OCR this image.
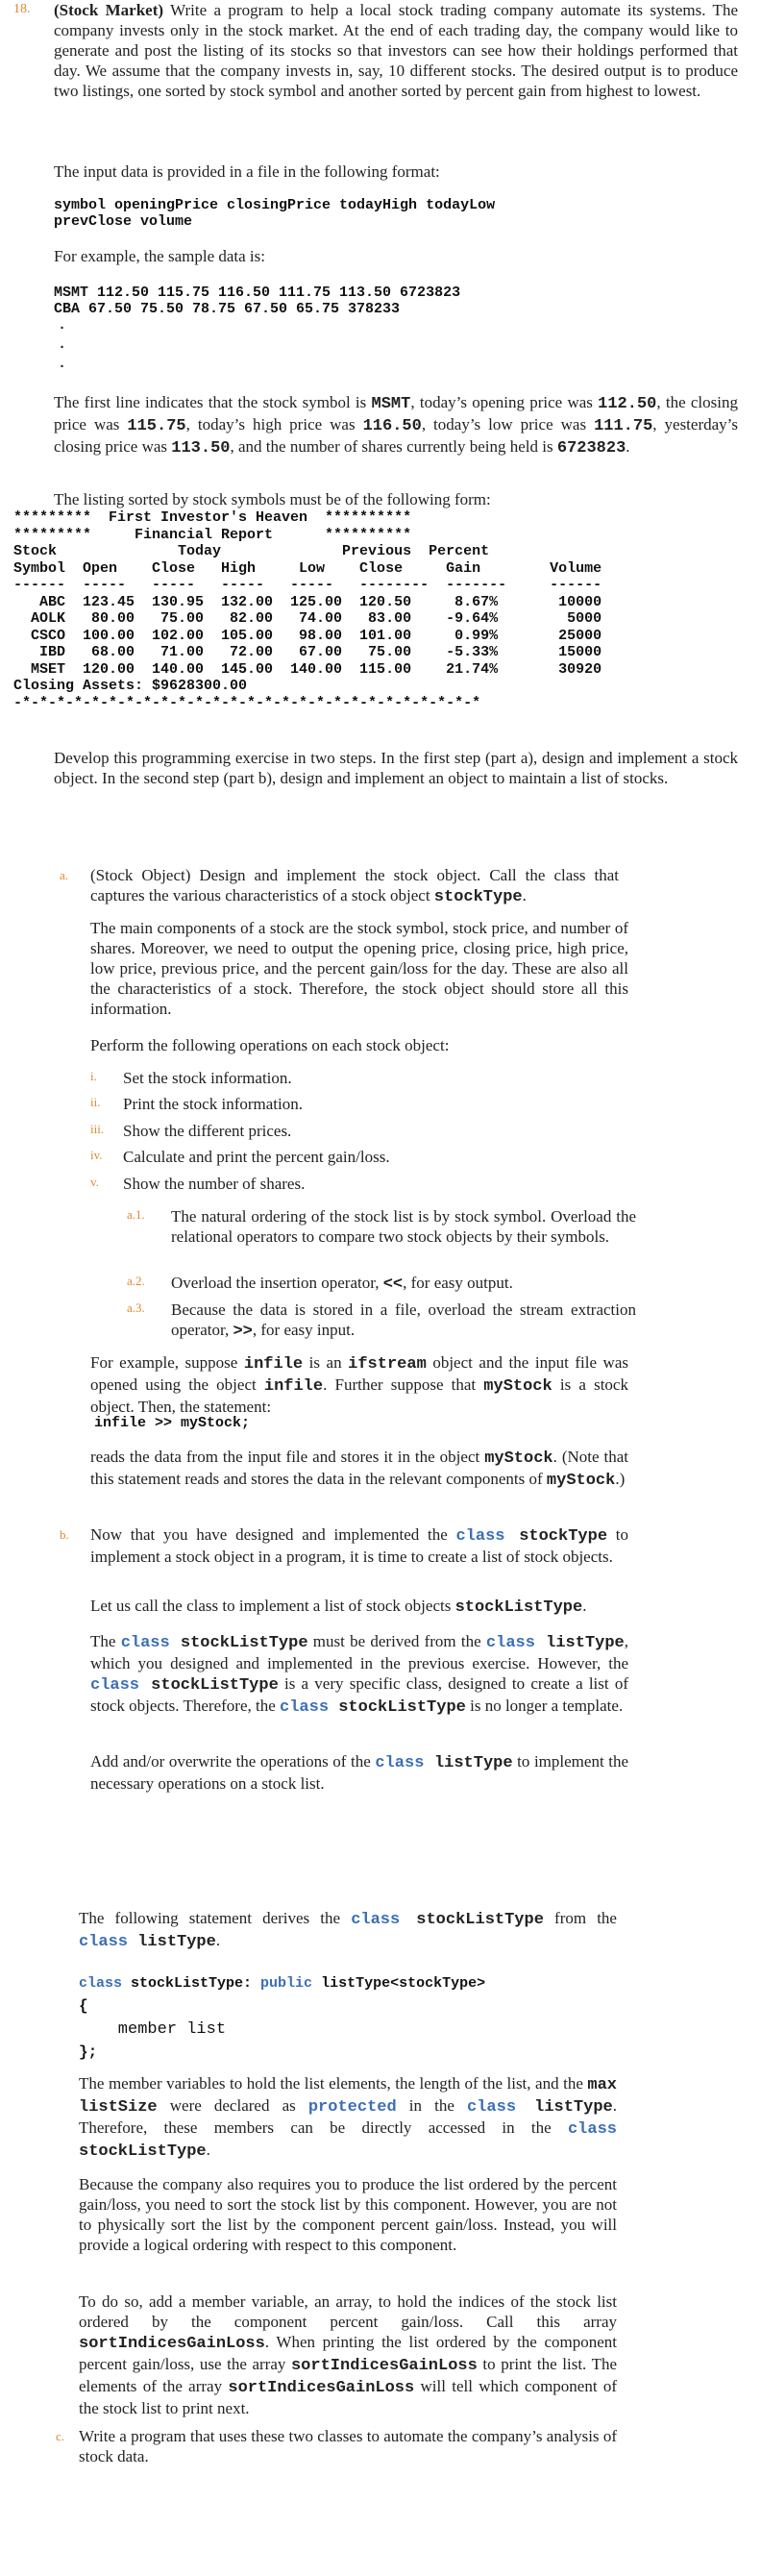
18. (Stock Market) Write a program to help a local stock trading company automate its systems. The company invests only in the stock market. At the end of each trading day, the company would like to generate and post the listing of its stocks so that investors can see how their holdings performed that day. We assume that the company invests in, say, 10 different stocks. The desired output is to produce two listings, one sorted by stock symbol and another sorted by percent gain from highest to lowest.

The input data is provided in a file in the following format:

symbol openingPrice closingPrice todayHigh todayLow
prevClose volume

For example, the sample data is:

MSMT 112.50 115.75 116.50 111.75 113.50 6723823
CBA 67.50 75.50 78.75 67.50 65.75 378233
·
·
·

The first line indicates that the stock symbol is MSMT, today’s opening price was 112.50, the closing price was 115.75, today’s high price was 116.50, today’s low price was 111.75, yesterday’s closing price was 113.50, and the number of shares currently being held is 6723823.

The listing sorted by stock symbols must be of the following form:

*********  First Investor's Heaven  **********
*********     Financial Report      **********
Stock              Today              Previous  Percent
Symbol  Open    Close   High     Low    Close     Gain        Volume
------  -----   -----   -----   -----   --------  -------     ------
ABC  123.45  130.95  132.00  125.00  120.50     8.67%       10000
AOLK   80.00   75.00   82.00   74.00   83.00    -9.64%        5000
CSCO  100.00  102.00  105.00   98.00  101.00     0.99%       25000
IBD   68.00   71.00   72.00   67.00   75.00    -5.33%       15000
MSET  120.00  140.00  145.00  140.00  115.00    21.74%       30920
Closing Assets: $9628300.00
-*-*-*-*-*-*-*-*-*-*-*-*-*-*-*-*-*-*-*-*-*-*-*-*-*-*-*

Develop this programming exercise in two steps. In the first step (part a), design and implement a stock object. In the second step (part b), design and implement an object to maintain a list of stocks.

a. (Stock Object) Design and implement the stock object. Call the class that captures the various characteristics of a stock object stockType.

The main components of a stock are the stock symbol, stock price, and number of shares. Moreover, we need to output the opening price, closing price, high price, low price, previous price, and the percent gain/loss for the day. These are also all the characteristics of a stock. Therefore, the stock object should store all this information.

Perform the following operations on each stock object:

i. Set the stock information.

ii. Print the stock information.

iii. Show the different prices.

iv. Calculate and print the percent gain/loss.

v. Show the number of shares.

a.1. The natural ordering of the stock list is by stock symbol. Overload the relational operators to compare two stock objects by their symbols.

a.2. Overload the insertion operator, <<, for easy output.

a.3. Because the data is stored in a file, overload the stream extraction operator, >>, for easy input.

For example, suppose infile is an ifstream object and the input file was opened using the object infile. Further suppose that myStock is a stock object. Then, the statement:

infile >> myStock;

reads the data from the input file and stores it in the object myStock. (Note that this statement reads and stores the data in the relevant components of myStock.)

b. Now that you have designed and implemented the class stockType to implement a stock object in a program, it is time to create a list of stock objects.

Let us call the class to implement a list of stock objects stockListType.

The class stockListType must be derived from the class listType, which you designed and implemented in the previous exercise. However, the class stockListType is a very specific class, designed to create a list of stock objects. Therefore, the class stockListType is no longer a template.

Add and/or overwrite the operations of the class listType to implement the necessary operations on a stock list.

The following statement derives the class stockListType from the class listType.

class stockListType: public listType<stockType>
{
member list
};

The member variables to hold the list elements, the length of the list, and the max listSize were declared as protected in the class listType. Therefore, these members can be directly accessed in the class stockListType.

Because the company also requires you to produce the list ordered by the percent gain/loss, you need to sort the stock list by this component. However, you are not to physically sort the list by the component percent gain/loss. Instead, you will provide a logical ordering with respect to this component.

To do so, add a member variable, an array, to hold the indices of the stock list ordered by the component percent gain/loss. Call this array sortIndicesGainLoss. When printing the list ordered by the component percent gain/loss, use the array sortIndicesGainLoss to print the list. The elements of the array sortIndicesGainLoss will tell which component of the stock list to print next.

c. Write a program that uses these two classes to automate the company’s analysis of stock data.
